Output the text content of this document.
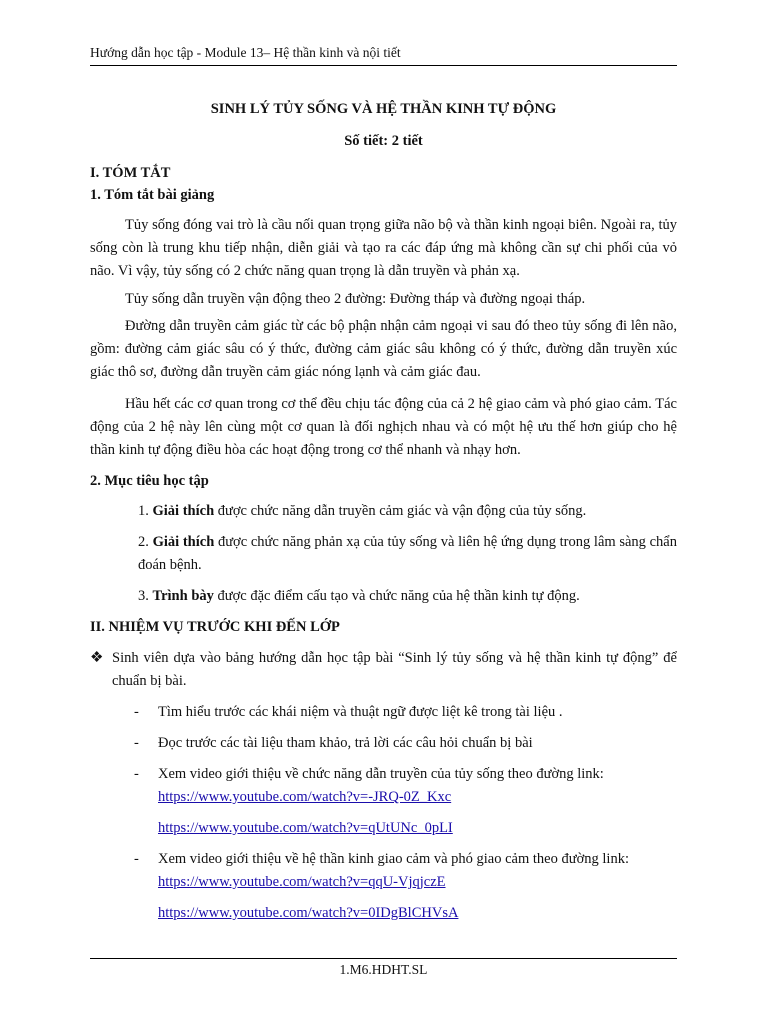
Hướng dẫn học tập - Module 13– Hệ thần kinh và nội tiết
SINH LÝ TỦY SỐNG VÀ HỆ THẦN KINH TỰ ĐỘNG
Số tiết: 2 tiết
I. TÓM TẮT
1. Tóm tắt bài giảng
Tủy sống đóng vai trò là cầu nối quan trọng giữa não bộ và thần kinh ngoại biên. Ngoài ra, tủy sống còn là trung khu tiếp nhận, diễn giải và tạo ra các đáp ứng mà không cần sự chi phối của vỏ não. Vì vậy, tủy sống có 2 chức năng quan trọng là dẫn truyền và phản xạ.
Tủy sống dẫn truyền vận động theo 2 đường: Đường tháp và đường ngoại tháp.
Đường dẫn truyền cảm giác từ các bộ phận nhận cảm ngoại vi sau đó theo tủy sống đi lên não, gồm: đường cảm giác sâu có ý thức, đường cảm giác sâu không có ý thức, đường dẫn truyền xúc giác thô sơ, đường dẫn truyền cảm giác nóng lạnh và cảm giác đau.
Hầu hết các cơ quan trong cơ thể đều chịu tác động của cả 2 hệ giao cảm và phó giao cảm. Tác động của 2 hệ này lên cùng một cơ quan là đối nghịch nhau và có một hệ ưu thế hơn giúp cho hệ thần kinh tự động điều hòa các hoạt động trong cơ thể nhanh và nhạy hơn.
2. Mục tiêu học tập
1. Giải thích được chức năng dẫn truyền cảm giác và vận động của tủy sống.
2. Giải thích được chức năng phản xạ của tủy sống và liên hệ ứng dụng trong lâm sàng chẩn đoán bệnh.
3. Trình bày được đặc điểm cấu tạo và chức năng của hệ thần kinh tự động.
II. NHIỆM VỤ TRƯỚC KHI ĐẾN LỚP
❖ Sinh viên dựa vào bảng hướng dẫn học tập bài “Sinh lý tủy sống và hệ thần kinh tự động” để chuẩn bị bài.
- Tìm hiểu trước các khái niệm và thuật ngữ được liệt kê trong tài liệu .
- Đọc trước các tài liệu tham khảo, trả lời các câu hỏi chuẩn bị bài
- Xem video giới thiệu về chức năng dẫn truyền của tủy sống theo đường link:
https://www.youtube.com/watch?v=-JRQ-0Z_Kxc
https://www.youtube.com/watch?v=qUtUNc_0pLI
- Xem video giới thiệu về hệ thần kinh giao cảm và phó giao cảm theo đường link:
https://www.youtube.com/watch?v=qqU-VjqjczE
https://www.youtube.com/watch?v=0IDgBlCHVsA
1.M6.HDHT.SL
